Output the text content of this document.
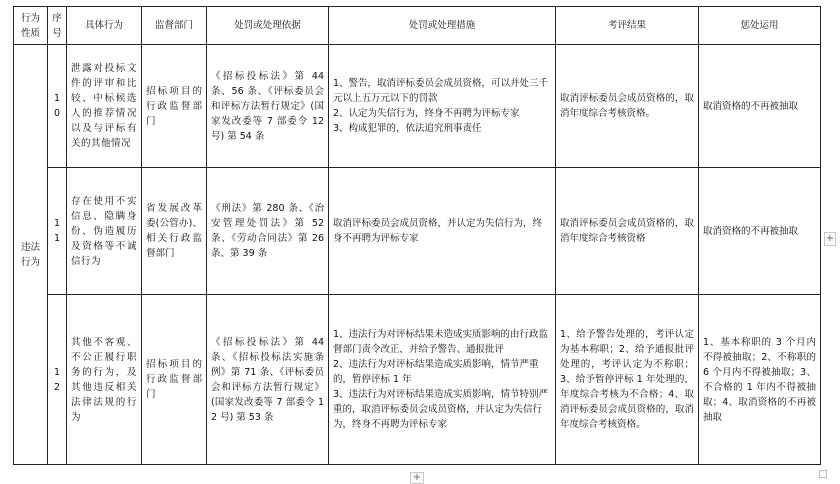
行为
性质	序
号	具体行为	监督部门	处罚或处理依据	处罚或处理措施	考评结果	惩处运用
违法
行为	10	泄露对投标文件的评审和比较、中标候选人的推荐情况以及与评标有关的其他情况	招标项目的行政监督部门	《招标投标法》第 44 条、56 条、《评标委员会和评标方法暂行规定》(国家发改委等 7 部委令 12 号) 第 54 条	1、警告，取消评标委员会成员资格，可以并处三千元以上五万元以下的罚款
2、认定为失信行为，终身不再聘为评标专家
3、构成犯罪的，依法追究刑事责任	取消评标委员会成员资格的，取消年度综合考核资格。	取消资格的不再被抽取
	11	存在使用不实信息、隐瞒身份、伪造履历及资格等不诚信行为	省发展改革委(公管办)、相关行政监督部门	《刑法》第 280 条、《治安管理处罚法》第 52 条、《劳动合同法》第 26 条、第 39 条	取消评标委员会成员资格，并认定为失信行为，终身不再聘为评标专家	取消评标委员会成员资格的，取消年度综合考核资格	取消资格的不再被抽取
	12	其他不客观、不公正履行职务的行为，及其他违反相关法律法规的行为	招标项目的行政监督部门	《招标投标法》第 44 条、《招标投标法实施条例》第 71 条、《评标委员会和评标方法暂行规定》(国家发改委等 7 部委令 12 号) 第 53 条	1、违法行为对评标结果未造成实质影响的由行政监督部门责令改正，并给予警告、通报批评
2、违法行为对评标结果造成实质影响，情节严重的，暂停评标 1 年
3、违法行为对评标结果造成实质影响，情节特别严重的，取消评标委员会成员资格，并认定为失信行为，终身不再聘为评标专家	1、给予警告处理的，考评认定为基本称职；2、给予通报批评处理的，考评认定为不称职；3、给予暂停评标 1 年处理的，年度综合考核为不合格；4、取消评标委员会成员资格的，取消年度综合考核资格。	1、基本称职的 3 个月内不得被抽取；2、不称职的 6 个月内不得被抽取；3、不合格的 1 年内不得被抽取；4、取消资格的不再被抽取
+
+
